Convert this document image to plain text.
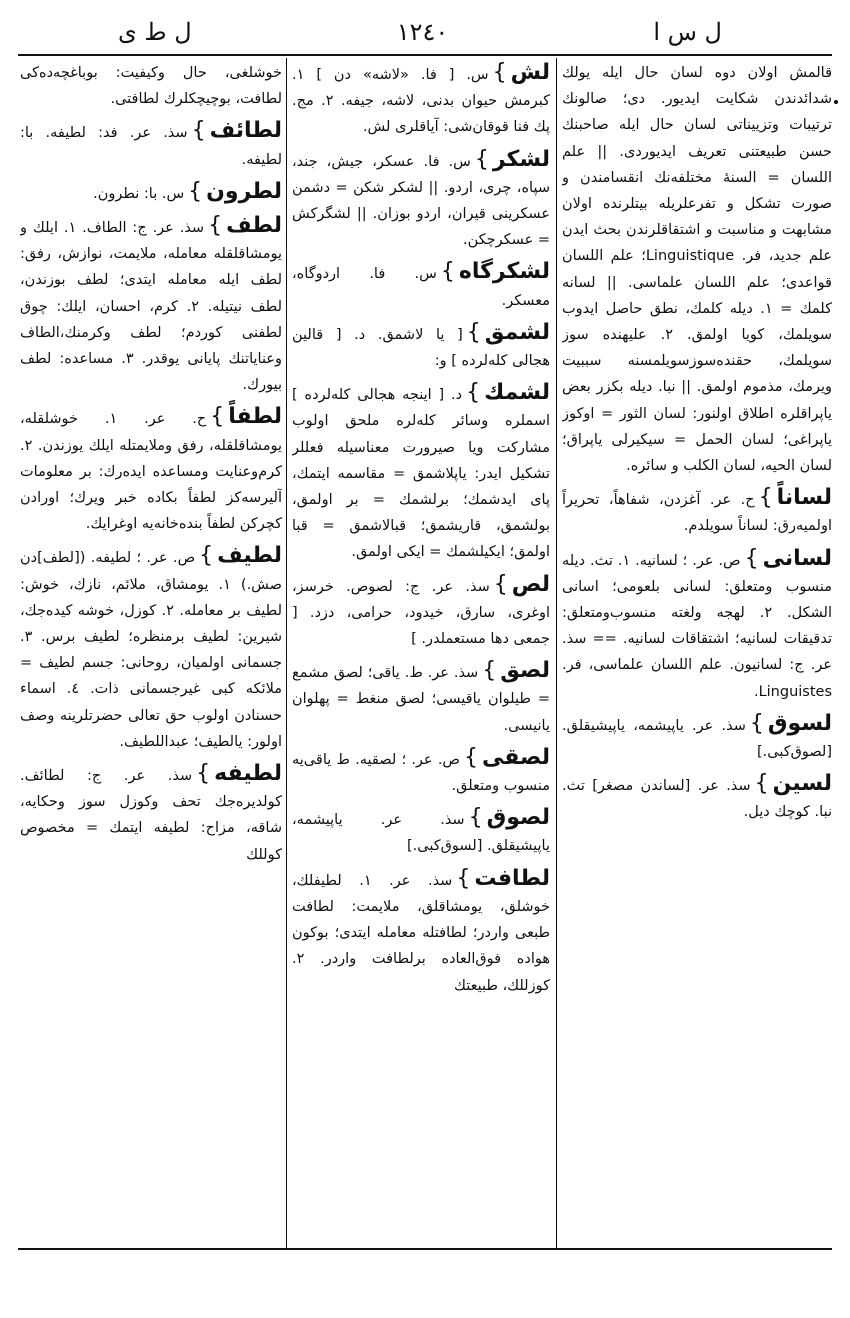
ل ط ى	١٢٤٠	ل س ا
قالمش اولان دوه لسان حال ایله یولك شدائدندن شكایت ایدیور. دی؛ صالونك ترتیبات وتزییناتی لسان حال ایله صاحبنك حسن طبیعتنی تعریف ایدیوردی. || علم اللسان = السنهٔ مختلفه‌نك انقسامندن و صورت تشكل و تفرعلریله بیتلرنده اولان مشابهت و مناسبت و اشتقاقلرندن بحث ایدن علم جدید، فر. Linguistique؛ علم اللسان قواعدی؛ علم اللسان علماسی. || لسانه كلمك = ١. دیله كلمك، نطق حاصل ایدوب سویلمك، كویا اولمق. ٢. علیهنده سوز سویلمك، حقنده‌سوزسویلمسنه سببیت ویرمك، مذموم اولمق. || نبا. دیله بكزر بعض یاپراقلره اطلاق اولنور: لسان الثور = اوكوز یاپراغی؛ لسان الحمل = سیكیرلی یاپراق؛ لسان الحیه، لسان الكلب و سائره.
لساناً}ح. عر. آغزدن، شفاهاً، تحریراً اولمیه‌رق: لساناً سویلدم.
لسانی}ص. عر. ؛ لسانیه. ١. تث. دیله منسوب ومتعلق: لسانی بلعومی؛ اسانی الشكل. ٢. لهجه ولغته منسوب‌ومتعلق: تدقیقات لسانیه؛ اشتقاقات لسانیه. == سذ. عر. ج: لسانیون. علم اللسان علماسی، فر. Linguistes.
لسوق}سذ. عر. یاپیشمه، یاپیشیقلق. [لصوق‌كبی.]
لسین}سذ. عر. [لساندن مصغر] تث. نبا. كوچك دیل.
لش}س. [ فا. «لاشه» دن ] ١. كبرمش حیوان بدنی، لاشه، جیفه. ٢. مج. پك فنا قوقان‌شی: آیاقلری لش.
لشكر}س. فا. عسكر، جیش، جند، سپاه، چری، اردو. || لشكر شكن = دشمن عسكرینی قیران، اردو بوزان. || لشگركش = عسكرچكن.
لشكرگاه}س. فا. اردوگاه، معسكر.
لشمق}[ یا لاشمق. د. [ قالین هجالی كله‌لرده ] و:
لشمك}د. [ اینجه هجالی كله‌لرده ] اسملره وسائر كله‌لره ملحق اولوب مشاركت ویا صیرورت معناسیله فعللر تشكیل ایدر: یاپلاشمق = مقاسمه ایتمك، پای ایدشمك؛ برلشمك = بر اولمق، بولشمق، قاریشمق؛ قبالاشمق = قبا اولمق؛ ایكیلشمك = ایكی اولمق.
لص}سذ. عر. ج: لصوص. خرسز، اوغری، سارق، خیدود، حرامی، دزد. [ جمعی دها مستعملدر. ]
لصق}سذ. عر. ط. یاقی؛ لصق مشمع = طیلوان یاقیسی؛ لصق منغط = پهلوان یانیسی.
لصقی}ص. عر. ؛ لصقیه. ط یاقی‌یه منسوب ومتعلق.
لصوق}سذ. عر. یاپیشمه، یاپیشیقلق. [لسوق‌كبی.]
لطافت}سذ. عر. ١. لطیفلك، خوشلق، یومشاقلق، ملایمت: لطافت طبعی واردر؛ لطافتله معامله ایتدی؛ بوكون هواده فوق‌العاده برلطافت واردر. ٢. كوزللك، طبیعتك
خوشلغی، حال وكیفیت: بوباغچه‌ده‌كی لطافت، بوچیچكلرك لطافتی.
لطائف}سذ. عر. فد: لطیفه. با: لطیفه.
لطرون}س. با: نطرون.
لطف}سذ. عر. ج: الطاف. ١. ایلك و یومشاقلقله معامله، ملایمت، نوازش، رفق: لطف ایله معامله ایتدی؛ لطف بوزندن، لطف نیتیله. ٢. كرم، احسان، ایلك: چوق لطفنی كوردم؛ لطف وكرمنك،الطاف وعنایاتنك پایانی یوقدر. ٣. مساعده: لطف بیورك.
لطفاً}ح. عر. ١. خوشلقله، یومشاقلقله، رفق وملایمتله ایلك یوزندن. ٢. كرم‌وعنایت ومساعده ایده‌رك: بر معلومات آلیرسه‌كز لطفاً بكاده خبر ویرك؛ اورادن كچركن لطفاً بنده‌خانه‌یه اوغرایك.
لطیف}ص. عر. ؛ لطیفه. ([لطف]دن صش.) ١. یومشاق، ملائم، نازك، خوش: لطیف بر معامله. ٢. كوزل، خوشه كیده‌جك، شیرین: لطیف برمنظره؛ لطیف برس. ٣. جسمانی اولمیان، روحانی: جسم لطیف = ملائكه كبی غیرجسمانی ذات. ٤. اسماء حسنادن اولوب حق تعالی حضرتلرینه وصف اولور: یالطیف؛ عبداللطیف.
لطیفه}سذ. عر. ج: لطائف. كولدیره‌جك تحف وكوزل سوز وحكایه، شاقه، مزاح: لطیفه ایتمك = مخصوص كوللك
